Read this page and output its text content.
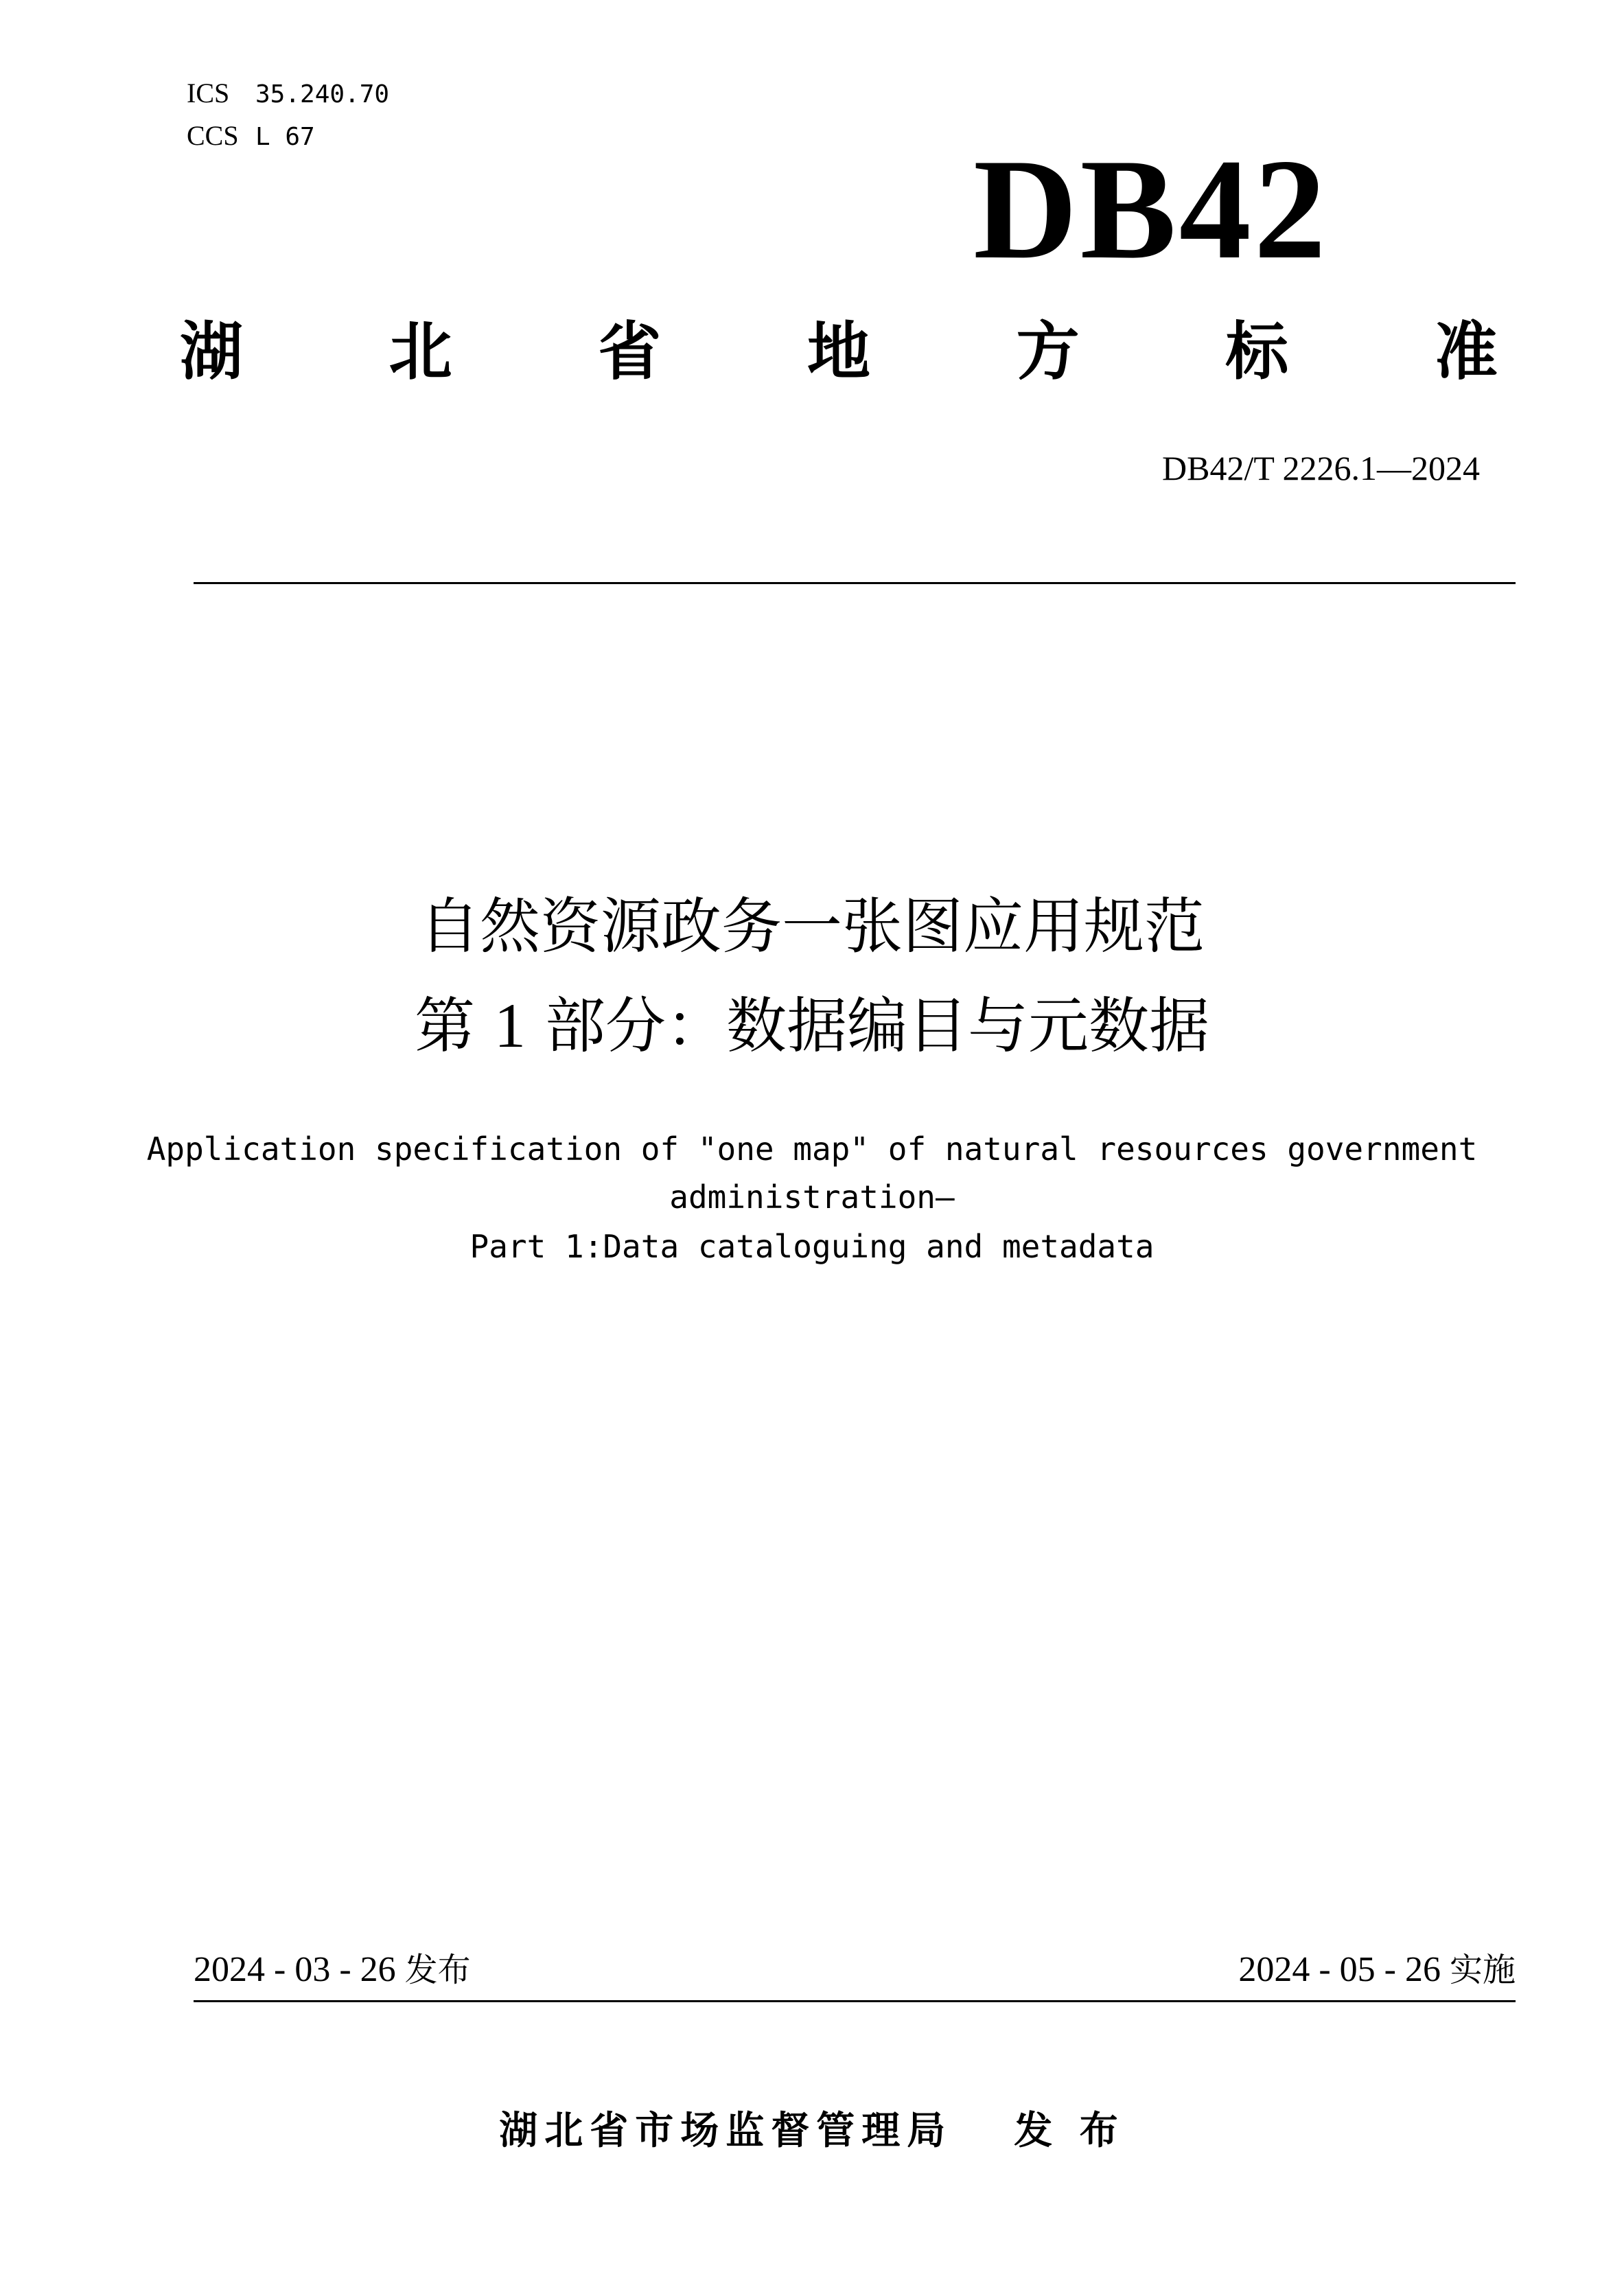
ICS 35.240.70
CCS L 67	DB42
湖 北 省 地 方 标 准
DB42/T 2226.1—2024
自然资源政务一张图应用规范
第 1 部分：数据编目与元数据
Application specification of "one map" of natural resources government
administration—
Part 1:Data cataloguing and metadata
2024 - 03 - 26 发布	2024 - 05 - 26 实施
湖北省市场监督管理局 发 布
